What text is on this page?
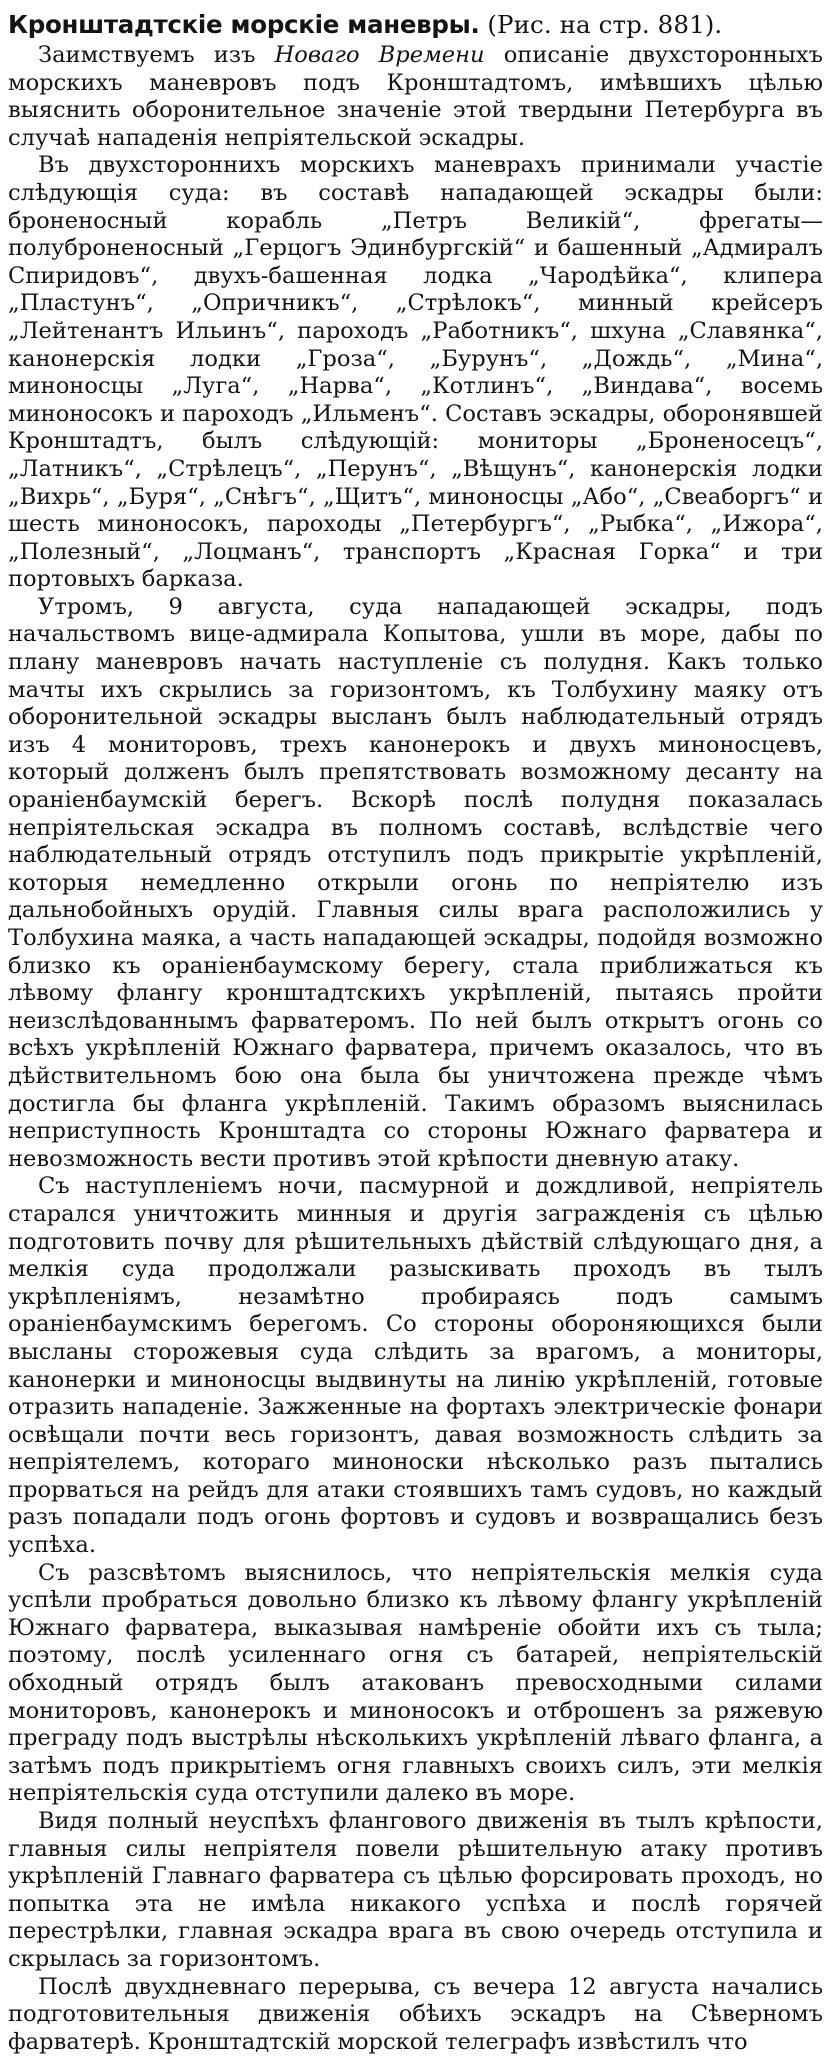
Кронштадтскіе морскіе маневры. (Рис. на стр. 881).

Заимствуемъ изъ Новаго Времени описаніе двухсторонныхъ морскихъ маневровъ подъ Кронштадтомъ, имѣвшихъ цѣлью выяснить оборонительное значеніе этой твердыни Петербурга въ случаѣ нападенія непріятельской эскадры.

Въ двухстороннихъ морскихъ маневрахъ принимали участіе слѣдующія суда: въ составѣ нападающей эскадры были: броненосный корабль „Петръ Великій“, фрегаты—полуброненосный „Герцогъ Эдинбургскій“ и башенный „Адмиралъ Спиридовъ“, двухъ-башенная лодка „Чародѣйка“, клипера „Пластунъ“, „Опричникъ“, „Стрѣлокъ“, минный крейсеръ „Лейтенантъ Ильинъ“, пароходъ „Работникъ“, шхуна „Славянка“, канонерскія лодки „Гроза“, „Бурунъ“, „Дождь“, „Мина“, миноносцы „Луга“, „Нарва“, „Котлинъ“, „Виндава“, восемь миноносокъ и пароходъ „Ильменъ“. Составъ эскадры, оборонявшей Кронштадтъ, былъ слѣдующій: мониторы „Броненосецъ“, „Латникъ“, „Стрѣлецъ“, „Перунъ“, „Вѣщунъ“, канонерскія лодки „Вихрь“, „Буря“, „Снѣгъ“, „Щитъ“, миноносцы „Або“, „Свеаборгъ“ и шесть миноносокъ, пароходы „Петербургъ“, „Рыбка“, „Ижора“, „Полезный“, „Лоцманъ“, транспортъ „Красная Горка“ и три портовыхъ барказа.

Утромъ, 9 августа, суда нападающей эскадры, подъ начальствомъ вице-адмирала Копытова, ушли въ море, дабы по плану маневровъ начать наступленіе съ полудня. Какъ только мачты ихъ скрылись за горизонтомъ, къ Толбухину маяку отъ оборонительной эскадры высланъ былъ наблюдательный отрядъ изъ 4 мониторовъ, трехъ канонерокъ и двухъ миноносцевъ, который долженъ былъ препятствовать возможному десанту на ораніенбаумскій берегъ. Вскорѣ послѣ полудня показалась непріятельская эскадра въ полномъ составѣ, вслѣдствіе чего наблюдательный отрядъ отступилъ подъ прикрытіе укрѣпленій, которыя немедленно открыли огонь по непріятелю изъ дальнобойныхъ орудій. Главныя силы врага расположились у Толбухина маяка, а часть нападающей эскадры, подойдя возможно близко къ ораніенбаумскому берегу, стала приближаться къ лѣвому флангу кронштадтскихъ укрѣпленій, пытаясь пройти неизслѣдованнымъ фарватеромъ. По ней былъ открытъ огонь со всѣхъ укрѣпленій Южнаго фарватера, причемъ оказалось, что въ дѣйствительномъ бою она была бы уничтожена прежде чѣмъ достигла бы фланга укрѣпленій. Такимъ образомъ выяснилась неприступность Кронштадта со стороны Южнаго фарватера и невозможность вести противъ этой крѣпости дневную атаку.

Съ наступленіемъ ночи, пасмурной и дождливой, непріятель старался уничтожить минныя и другія загражденія съ цѣлью подготовить почву для рѣшительныхъ дѣйствій слѣдующаго дня, а мелкія суда продолжали разыскивать проходъ въ тылъ укрѣпленіямъ, незамѣтно пробираясь подъ самымъ ораніенбаумскимъ берегомъ. Со стороны обороняющихся были высланы сторожевыя суда слѣдить за врагомъ, а мониторы, канонерки и миноносцы выдвинуты на линію укрѣпленій, готовые отразить нападеніе. Зажженные на фортахъ электрическіе фонари освѣщали почти весь горизонтъ, давая возможность слѣдить за непріятелемъ, котораго миноноски нѣсколько разъ пытались прорваться на рейдъ для атаки стоявшихъ тамъ судовъ, но каждый разъ попадали подъ огонь фортовъ и судовъ и возвращались безъ успѣха.

Съ разсвѣтомъ выяснилось, что непріятельскія мелкія суда успѣли пробраться довольно близко къ лѣвому флангу укрѣпленій Южнаго фарватера, выказывая намѣреніе обойти ихъ съ тыла; поэтому, послѣ усиленнаго огня съ батарей, непріятельскій обходный отрядъ былъ атакованъ превосходными силами мониторовъ, канонерокъ и миноносокъ и отброшенъ за ряжевую преграду подъ выстрѣлы нѣсколькихъ укрѣпленій лѣваго фланга, а затѣмъ подъ прикрытіемъ огня главныхъ своихъ силъ, эти мелкія непріятельскія суда отступили далеко въ море.

Видя полный неуспѣхъ флангового движенія въ тылъ крѣпости, главныя силы непріятеля повели рѣшительную атаку противъ укрѣпленій Главнаго фарватера съ цѣлью форсировать проходъ, но попытка эта не имѣла никакого успѣха и послѣ горячей перестрѣлки, главная эскадра врага въ свою очередь отступила и скрылась за горизонтомъ.

Послѣ двухдневнаго перерыва, съ вечера 12 августа начались подготовительныя движенія обѣихъ эскадръ на Сѣверномъ фарватерѣ. Кронштадтскій морской телеграфъ извѣстилъ что
